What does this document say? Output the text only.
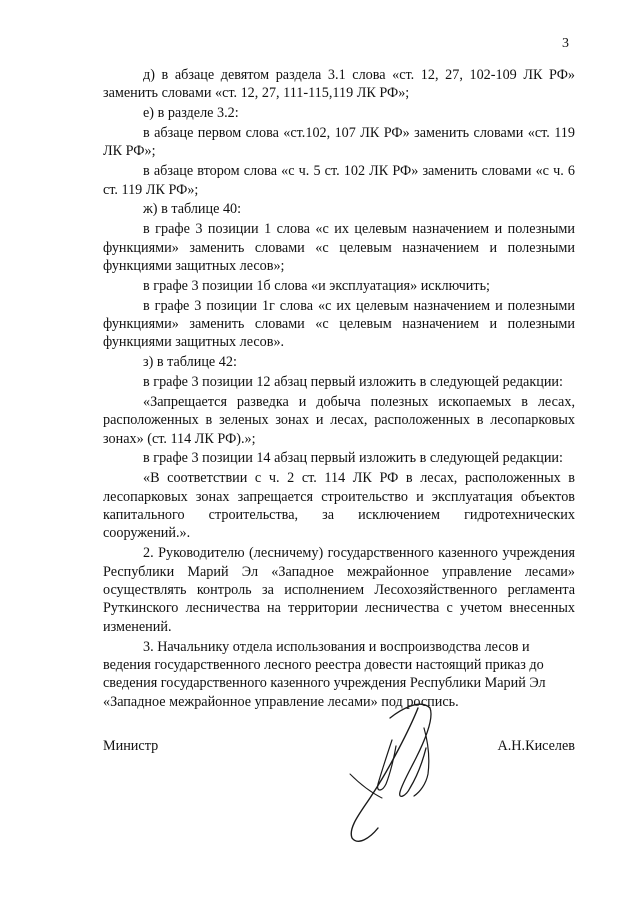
3

д) в абзаце девятом раздела 3.1 слова «ст. 12, 27, 102-109 ЛК РФ» заменить словами «ст. 12, 27, 111-115,119 ЛК РФ»;

е) в разделе 3.2:

в абзаце первом слова «ст.102, 107 ЛК РФ» заменить словами «ст. 119 ЛК РФ»;

в абзаце втором слова «с ч. 5 ст. 102 ЛК РФ» заменить словами «с ч. 6 ст. 119 ЛК РФ»;

ж) в таблице 40:

в графе 3 позиции 1 слова «с их целевым назначением и полезными функциями» заменить словами «с целевым назначением и полезными функциями защитных лесов»;

в графе 3 позиции 1б слова «и эксплуатация» исключить;

в графе 3 позиции 1г слова «с их целевым назначением и полезными функциями» заменить словами «с целевым назначением и полезными функциями защитных лесов».

з) в таблице 42:

в графе 3 позиции 12 абзац первый изложить в следующей редакции:

«Запрещается разведка и добыча полезных ископаемых в лесах, расположенных в зеленых зонах и лесах, расположенных в лесопарковых зонах» (ст. 114 ЛК РФ).»;

в графе 3 позиции 14 абзац первый изложить в следующей редакции:

«В соответствии с ч. 2 ст. 114 ЛК РФ в лесах, расположенных в лесопарковых зонах запрещается строительство и эксплуатация объектов капитального строительства, за исключением гидротехнических сооружений.».

2. Руководителю (лесничему) государственного казенного учреждения Республики Марий Эл «Западное межрайонное управление лесами» осуществлять контроль за исполнением Лесохозяйственного регламента Руткинского лесничества на территории лесничества с учетом внесенных изменений.

3. Начальнику отдела использования и воспроизводства лесов и ведения государственного лесного реестра довести настоящий приказ до сведения государственного казенного учреждения Республики Марий Эл «Западное межрайонное управление лесами» под роспись.

Министр	А.Н.Киселев
